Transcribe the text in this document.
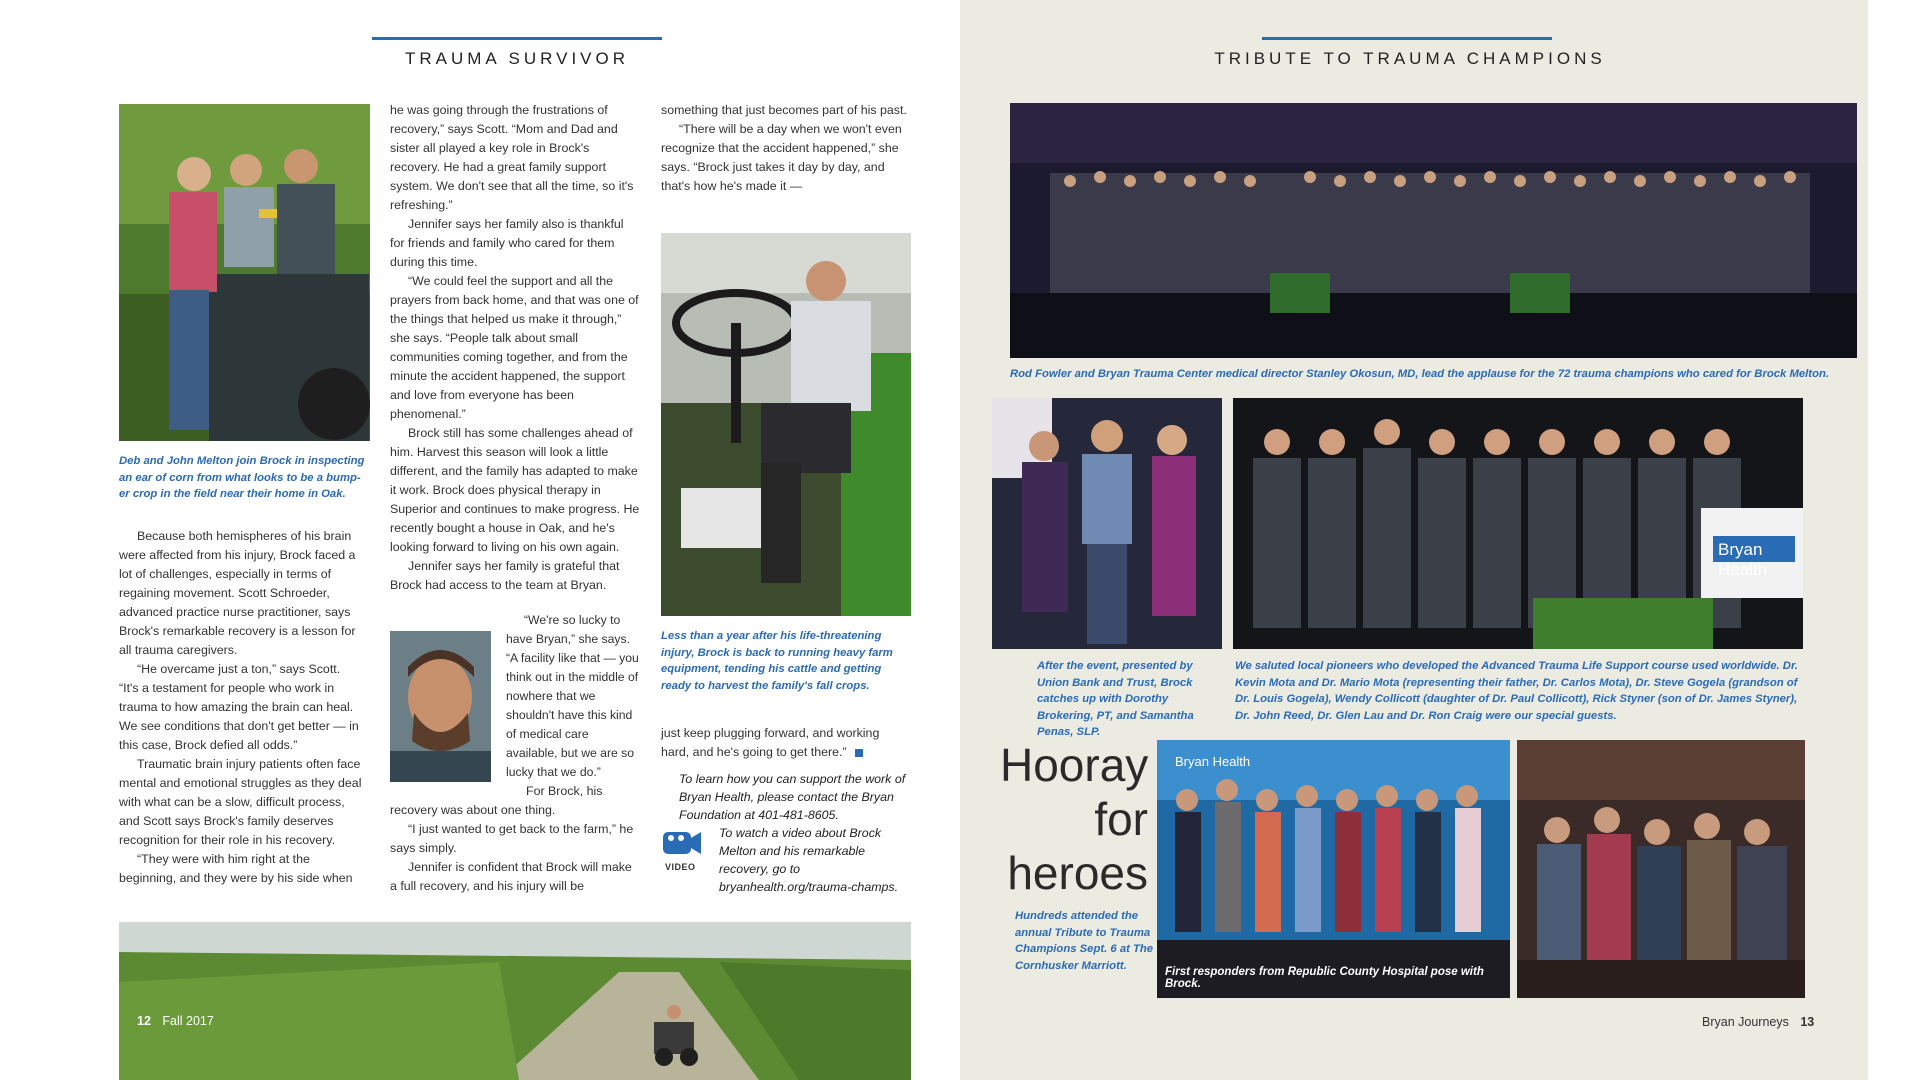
TRAUMA SURVIVOR
Deb and John Melton join Brock in inspecting an ear of corn from what looks to be a bump-er crop in the field near their home in Oak.

Because both hemispheres of his brain were affected from his injury, Brock faced a lot of challenges, especially in terms of regaining movement. Scott Schroeder, advanced practice nurse practitioner, says Brock's remarkable recovery is a lesson for all trauma caregivers.

“He overcame just a ton,” says Scott. “It's a testament for people who work in trauma to how amazing the brain can heal. We see conditions that don't get better — in this case, Brock defied all odds.”

Traumatic brain injury patients often face mental and emotional struggles as they deal with what can be a slow, difficult process, and Scott says Brock's family deserves recognition for their role in his recovery.

“They were with him right at the beginning, and they were by his side when

he was going through the frustrations of recovery,” says Scott. “Mom and Dad and sister all played a key role in Brock's recovery. He had a great family support system. We don't see that all the time, so it's refreshing.”

Jennifer says her family also is thankful for friends and family who cared for them during this time.

“We could feel the support and all the prayers from back home, and that was one of the things that helped us make it through,” she says. “People talk about small communities coming together, and from the minute the accident happened, the support and love from everyone has been phenomenal.”

Brock still has some challenges ahead of him. Harvest this season will look a little different, and the family has adapted to make it work. Brock does physical therapy in Superior and continues to make progress. He recently bought a house in Oak, and he's looking forward to living on his own again.

Jennifer says her family is grateful that Brock had access to the team at Bryan.

“We're so lucky to have Bryan,” she says. “A facility like that — you think out in the middle of nowhere that we shouldn't have this kind of medical care available, but we are so lucky that we do.”

For Brock, his recovery was about one thing.

“I just wanted to get back to the farm,” he says simply.

Jennifer is confident that Brock will make a full recovery, and his injury will be

something that just becomes part of his past.

“There will be a day when we won't even recognize that the accident happened,” she says. “Brock just takes it day by day, and that's how he's made it —

Less than a year after his life-threatening injury, Brock is back to running heavy farm equipment, tending his cattle and getting ready to harvest the family's fall crops.

just keep plugging forward, and working hard, and he's going to get there.”

To learn how you can support the work of Bryan Health, please contact the Bryan Foundation at 401-481-8605.
VIDEO
To watch a video about Brock Melton and his remarkable recovery, go to bryanhealth.org/trauma-champs.
12 Fall 2017
TRIBUTE TO TRAUMA CHAMPIONS
Rod Fowler and Bryan Trauma Center medical director Stanley Okosun, MD, lead the applause for the 72 trauma champions who cared for Brock Melton.
After the event, presented by Union Bank and Trust, Brock catches up with Dorothy Brokering, PT, and Samantha Penas, SLP.
Bryan Health
We saluted local pioneers who developed the Advanced Trauma Life Support course used worldwide. Dr. Kevin Mota and Dr. Mario Mota (representing their father, Dr. Carlos Mota), Dr. Steve Gogela (grandson of Dr. Louis Gogela), Wendy Collicott (daughter of Dr. Paul Collicott), Rick Styner (son of Dr. James Styner), Dr. John Reed, Dr. Glen Lau and Dr. Ron Craig were our special guests.
Hooray
for
heroes
Hundreds attended the annual Tribute to Trauma Champions Sept. 6 at The Cornhusker Marriott.
Bryan Health
First responders from Republic County Hospital pose with Brock.
Bryan Journeys 13
